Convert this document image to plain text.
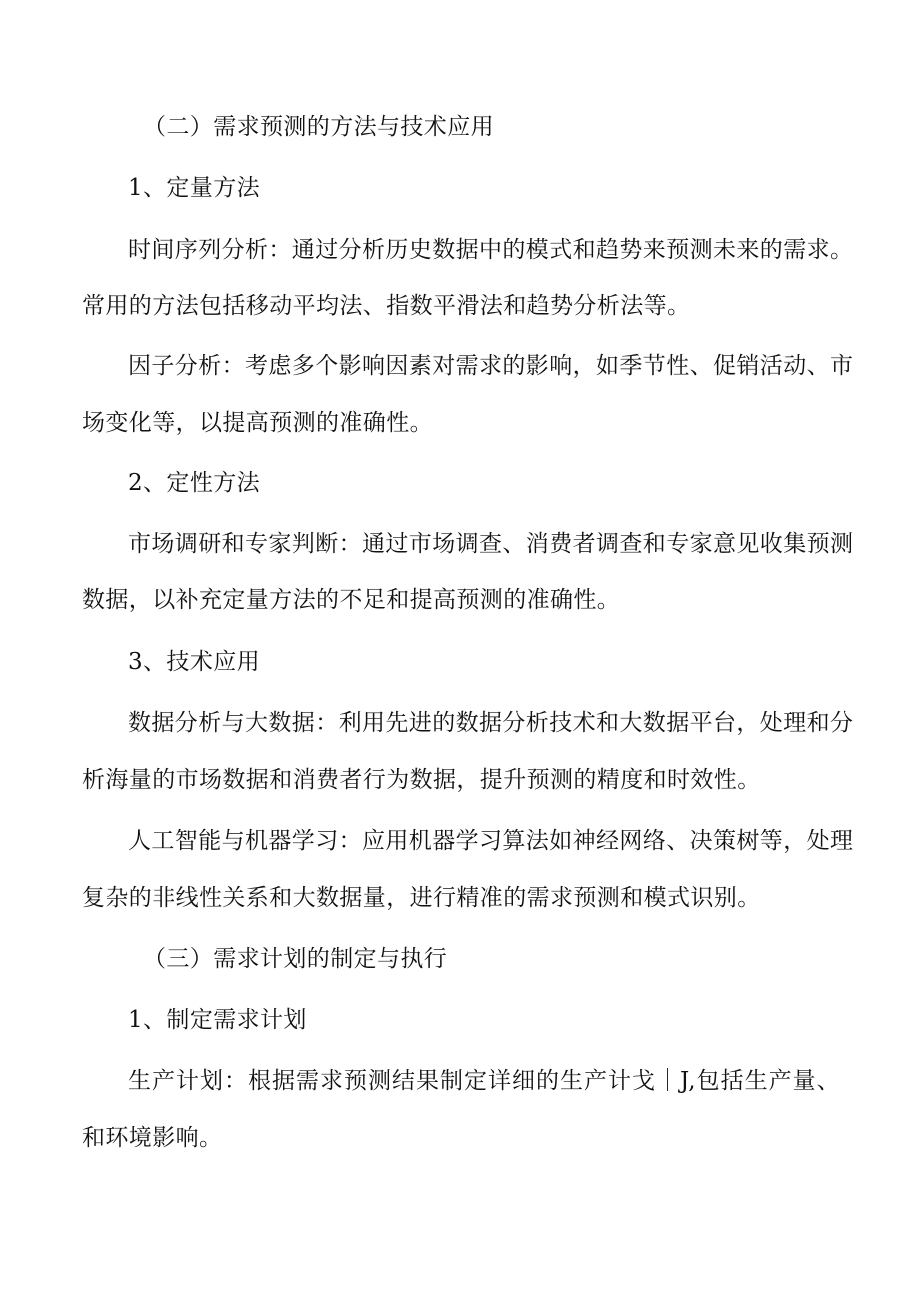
（二）需求预测的方法与技术应用
1、定量方法
时间序列分析：通过分析历史数据中的模式和趋势来预测未来的需求。
常用的方法包括移动平均法、指数平滑法和趋势分析法等。
因子分析：考虑多个影响因素对需求的影响，如季节性、促销活动、市
场变化等，以提高预测的准确性。
2、定性方法
市场调研和专家判断：通过市场调查、消费者调查和专家意见收集预测
数据，以补充定量方法的不足和提高预测的准确性。
3、技术应用
数据分析与大数据：利用先进的数据分析技术和大数据平台，处理和分
析海量的市场数据和消费者行为数据，提升预测的精度和时效性。
人工智能与机器学习：应用机器学习算法如神经网络、决策树等，处理
复杂的非线性关系和大数据量，进行精准的需求预测和模式识别。
（三）需求计划的制定与执行
1、制定需求计划
生产计划：根据需求预测结果制定详细的生产计戈｜J,包括生产量、
和环境影响。
